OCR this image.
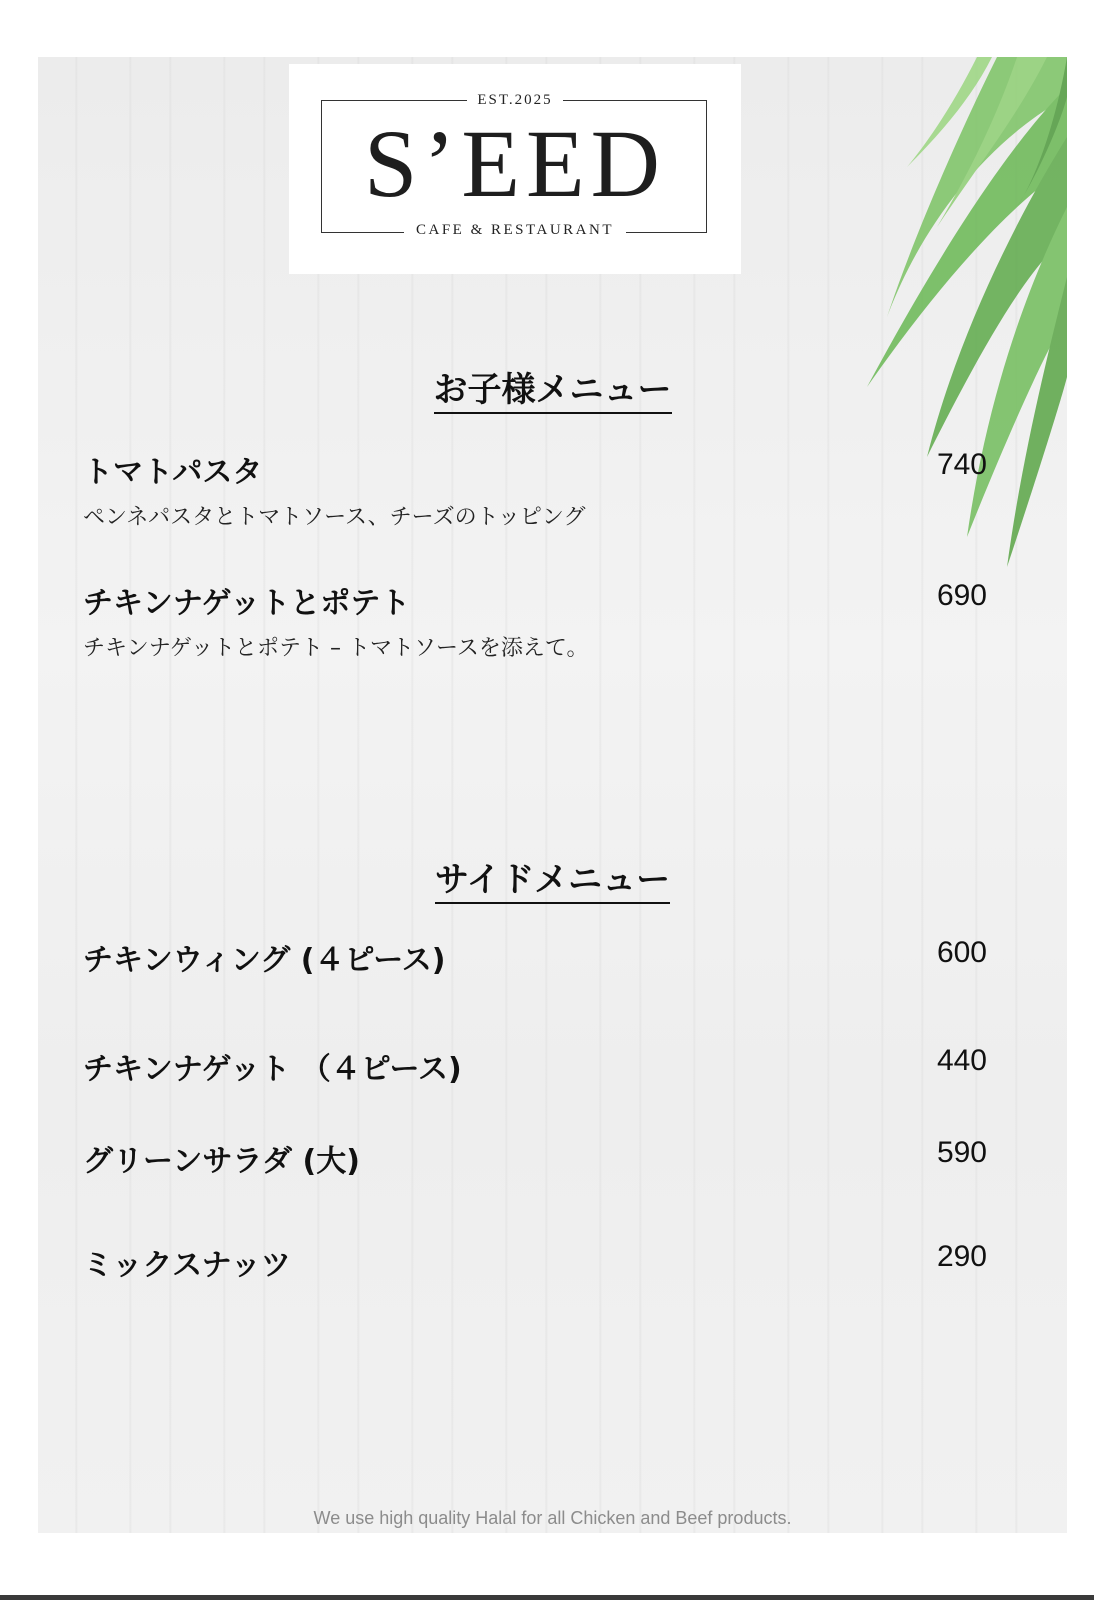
EST.2025
S’EED
CAFE & RESTAURANT
お子様メニュー
トマトパスタ	740
ペンネパスタとトマトソース、チーズのトッピング
チキンナゲットとポテト	690
チキンナゲットとポテト – トマトソースを添えて。
サイドメニュー
チキンウィング (４ピース)	600
チキンナゲット （４ピース)	440
グリーンサラダ (大)	590
ミックスナッツ	290
We use high quality Halal for all Chicken and Beef products.
